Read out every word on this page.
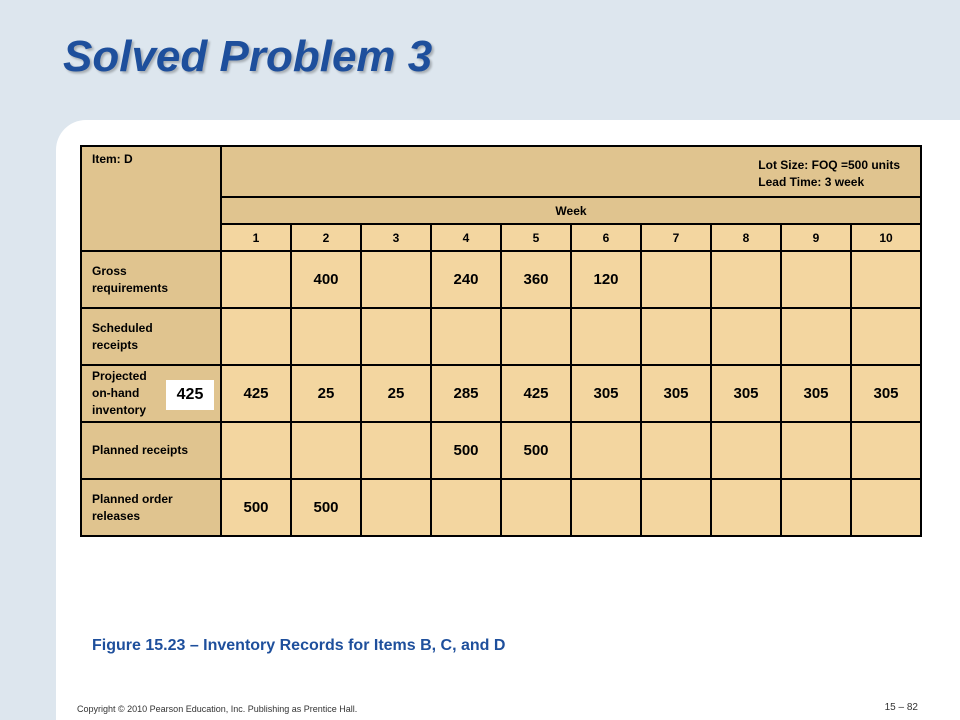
Solved Problem 3
Item: D	Lot Size: FOQ =500 units
Lead Time: 3 week									

	Week									
	1	2	3	4	5	6	7	8	9	10

Gross requirements		400		240	360	120				

Scheduled receipts										

Projected on-hand inventory
425	425	25	25	285	425	305	305	305	305	305

Planned receipts				500	500					

Planned order releases	500	500								

Figure 15.23 – Inventory Records for Items B, C, and D

Copyright © 2010 Pearson Education, Inc. Publishing as Prentice Hall.	15 – 82
